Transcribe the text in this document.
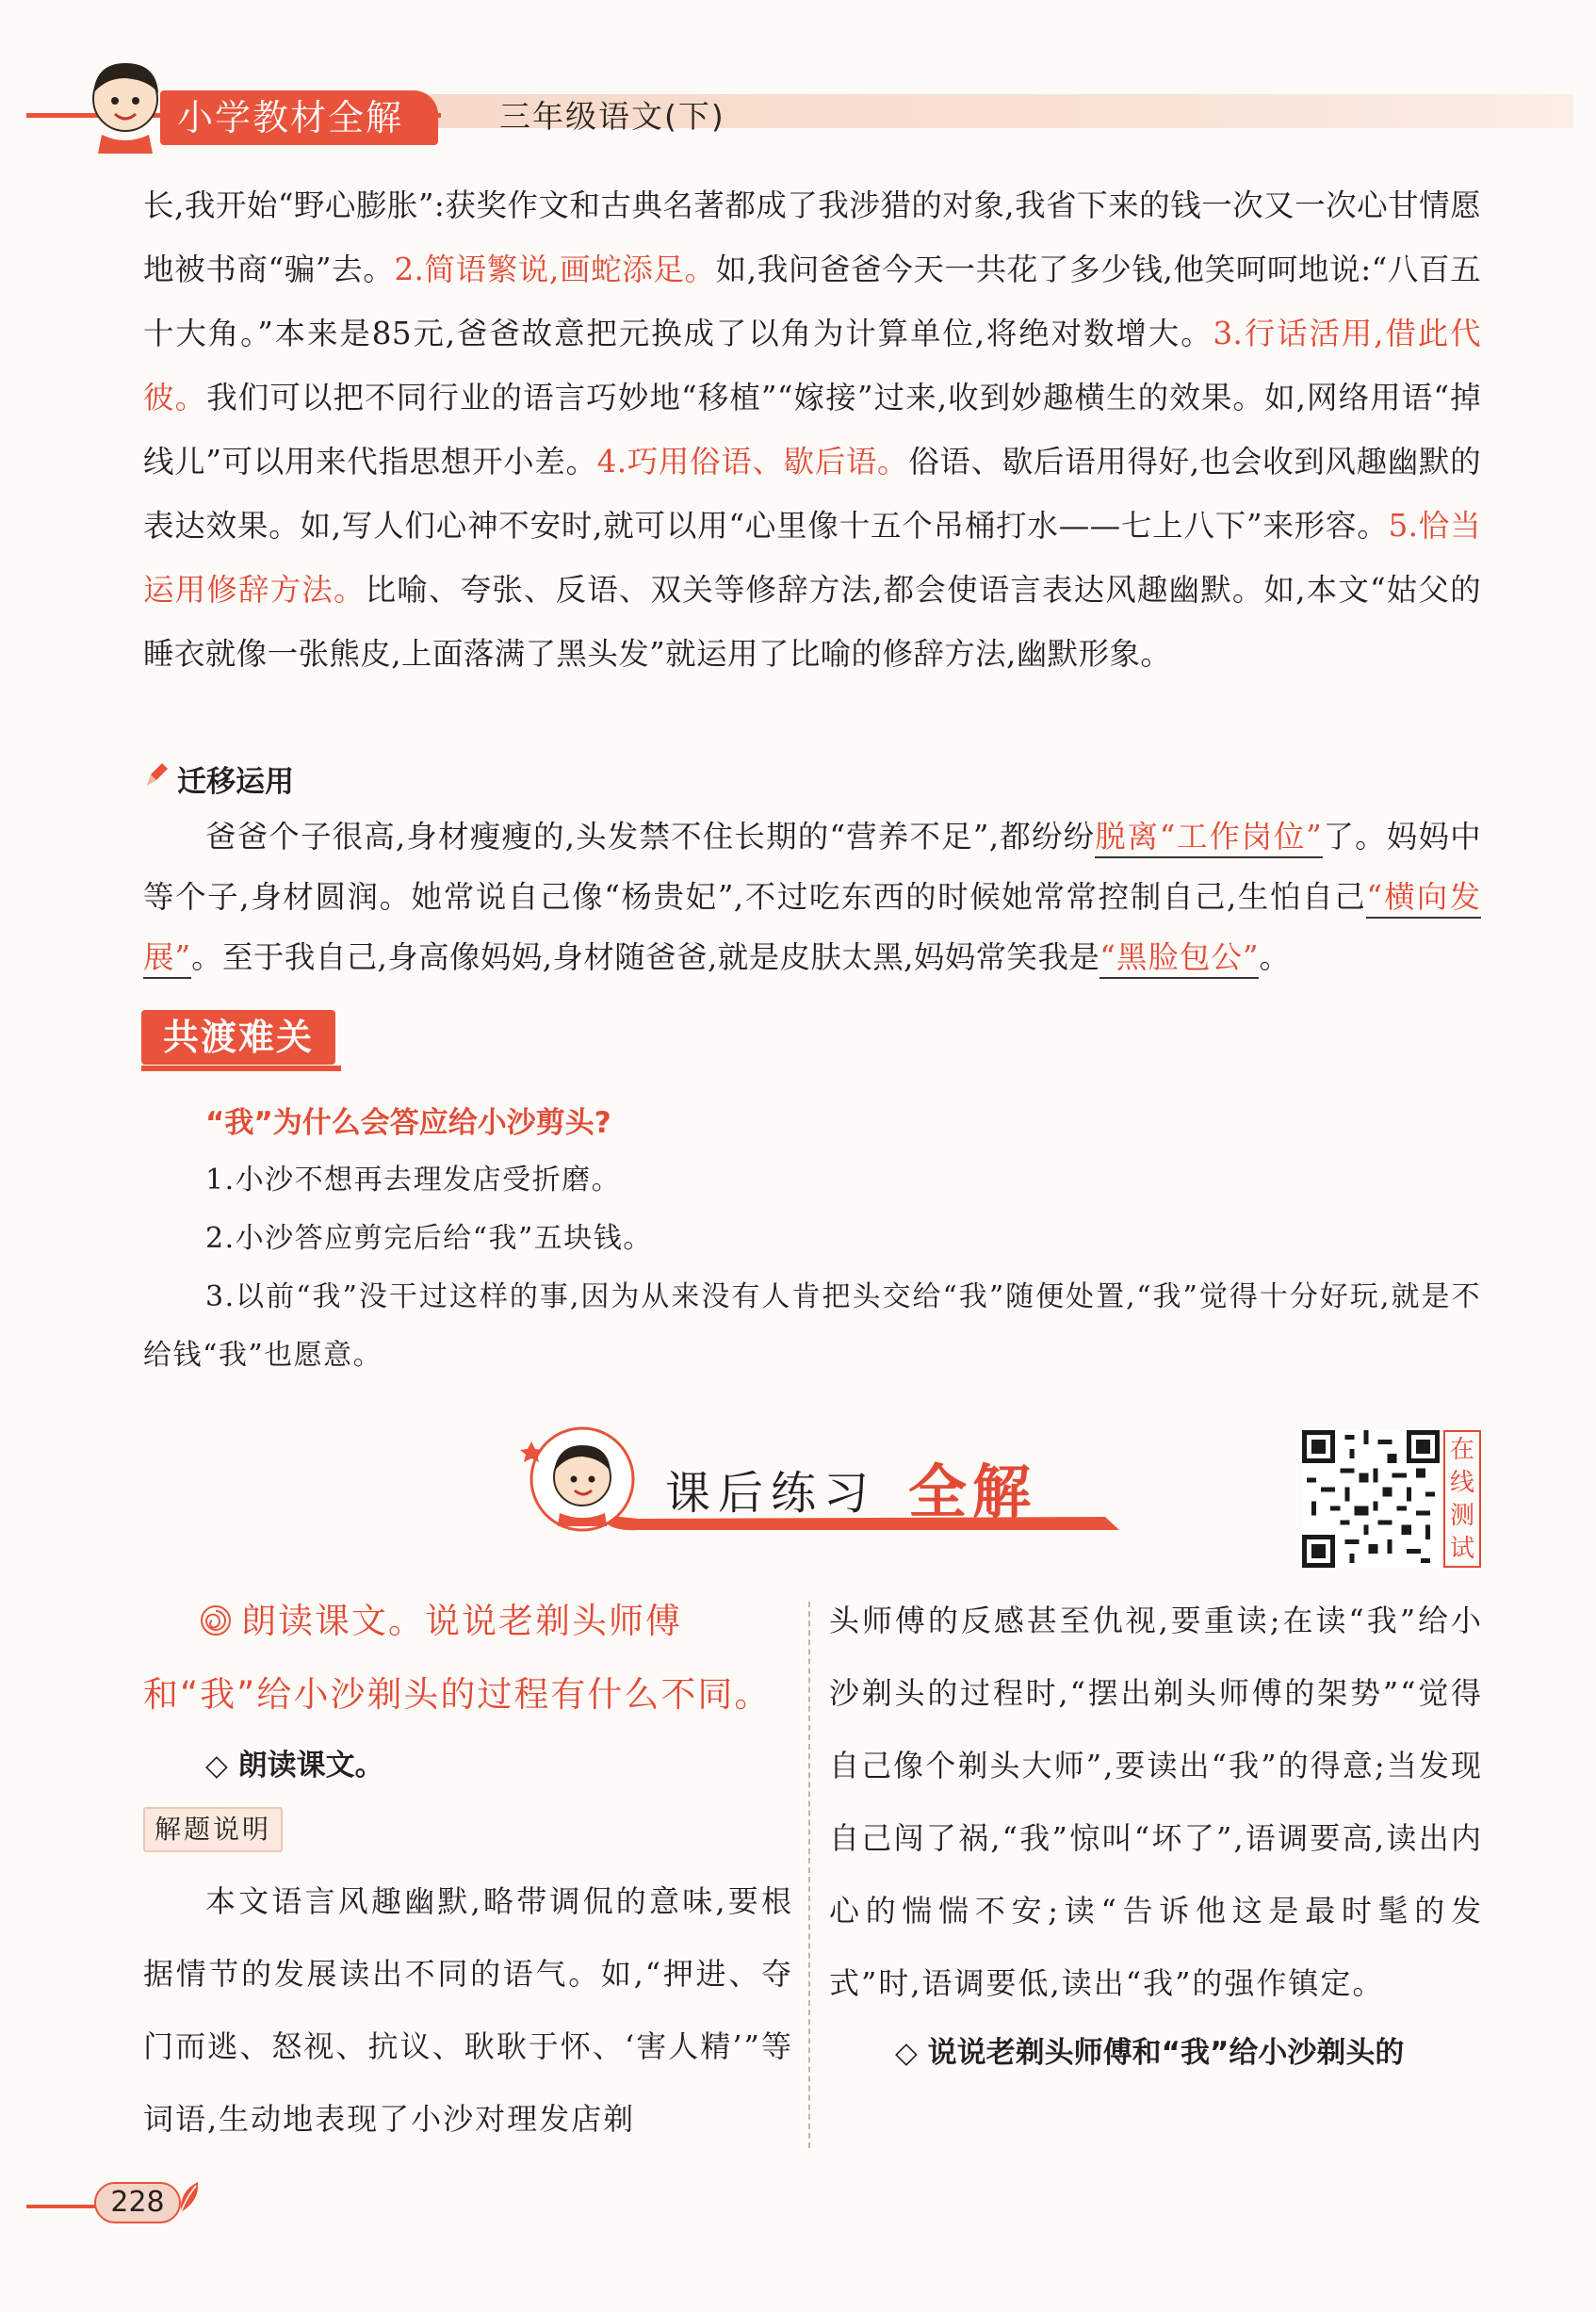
小学教材全解	三年级语文(下)
长,我开始“野心膨胀”:获奖作文和古典名著都成了我涉猎的对象,我省下来的钱一次又一次心甘情愿地被书商“骗”去。2.简语繁说,画蛇添足。如,我问爸爸今天一共花了多少钱,他笑呵呵地说:“八百五十大角。”本来是85元,爸爸故意把元换成了以角为计算单位,将绝对数增大。3.行话活用,借此代彼。我们可以把不同行业的语言巧妙地“移植”“嫁接”过来,收到妙趣横生的效果。如,网络用语“掉线儿”可以用来代指思想开小差。4.巧用俗语、歇后语。俗语、歇后语用得好,也会收到风趣幽默的表达效果。如,写人们心神不安时,就可以用“心里像十五个吊桶打水——七上八下”来形容。5.恰当运用修辞方法。比喻、夸张、反语、双关等修辞方法,都会使语言表达风趣幽默。如,本文“姑父的睡衣就像一张熊皮,上面落满了黑头发”就运用了比喻的修辞方法,幽默形象。
迁移运用
爸爸个子很高,身材瘦瘦的,头发禁不住长期的“营养不足”,都纷纷脱离“工作岗位”了。妈妈中等个子,身材圆润。她常说自己像“杨贵妃”,不过吃东西的时候她常常控制自己,生怕自己“横向发展”。至于我自己,身高像妈妈,身材随爸爸,就是皮肤太黑,妈妈常笑我是“黑脸包公”。
共渡难关
“我”为什么会答应给小沙剪头?
1.小沙不想再去理发店受折磨。
2.小沙答应剪完后给“我”五块钱。
3.以前“我”没干过这样的事,因为从来没有人肯把头交给“我”随便处置,“我”觉得十分好玩,就是不给钱“我”也愿意。
课后练习 全解
在线测试
朗读课文。说说老剃头师傅和“我”给小沙剃头的过程有什么不同。
◇ 朗读课文。
解题说明
本文语言风趣幽默,略带调侃的意味,要根据情节的发展读出不同的语气。如,“押进、夺门而逃、怒视、抗议、耿耿于怀、‘害人精’”等词语,生动地表现了小沙对理发店剃
头师傅的反感甚至仇视,要重读;在读“我”给小沙剃头的过程时,“摆出剃头师傅的架势”“觉得自己像个剃头大师”,要读出“我”的得意;当发现自己闯了祸,“我”惊叫“坏了”,语调要高,读出内心的惴惴不安;读“告诉他这是最时髦的发式”时,语调要低,读出“我”的强作镇定。
◇ 说说老剃头师傅和“我”给小沙剃头的
228
